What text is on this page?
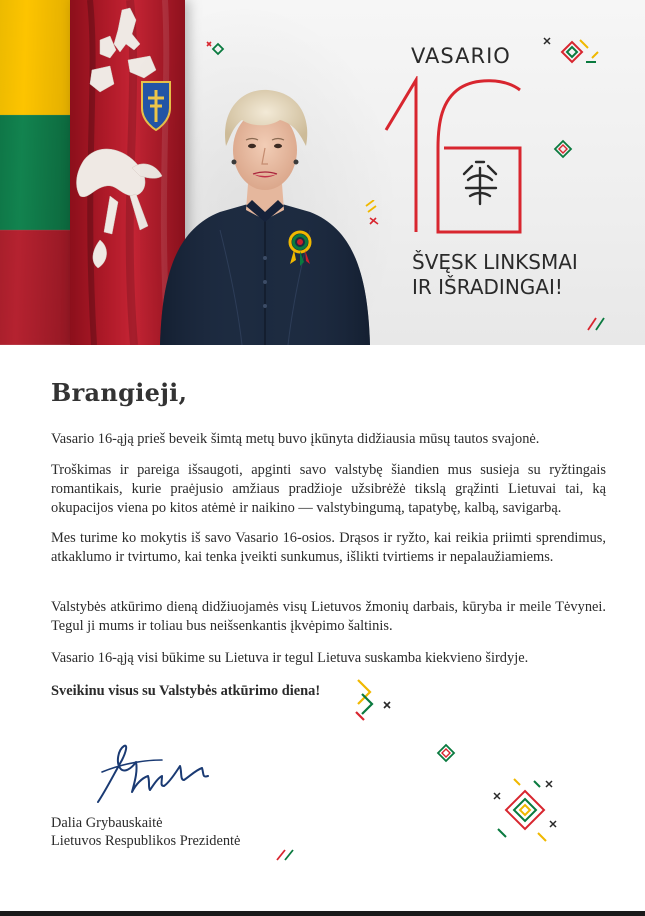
VASARIO
ŠVĘSK LINKSMAI
IR IŠRADINGAI!
Brangieji,

Vasario 16-ąją prieš beveik šimtą metų buvo įkūnyta didžiausia mūsų tautos svajonė.

Troškimas ir pareiga išsaugoti, apginti savo valstybę šiandien mus susieja su ryžtingais romantikais, kurie praėjusio amžiaus pradžioje užsibrėžė tikslą grąžinti Lietuvai tai, ką okupacijos viena po kitos atėmė ir naikino — valstybingumą, tapatybę, kalbą, savigarbą.

Mes turime ko mokytis iš savo Vasario 16-osios. Drąsos ir ryžto, kai reikia priimti sprendimus, atkaklumo ir tvirtumo, kai tenka įveikti sunkumus, išlikti tvirtiems ir nepalaužiamiems.

Valstybės atkūrimo dieną didžiuojamės visų Lietuvos žmonių darbais, kūryba ir meile Tėvynei. Tegul ji mums ir toliau bus neišsenkantis įkvėpimo šaltinis.

Vasario 16-ąją visi būkime su Lietuva ir tegul Lietuva suskamba kiekvieno širdyje.

Sveikinu visus su Valstybės atkūrimo diena!

Dalia Grybauskaitė
Lietuvos Respublikos Prezidentė
